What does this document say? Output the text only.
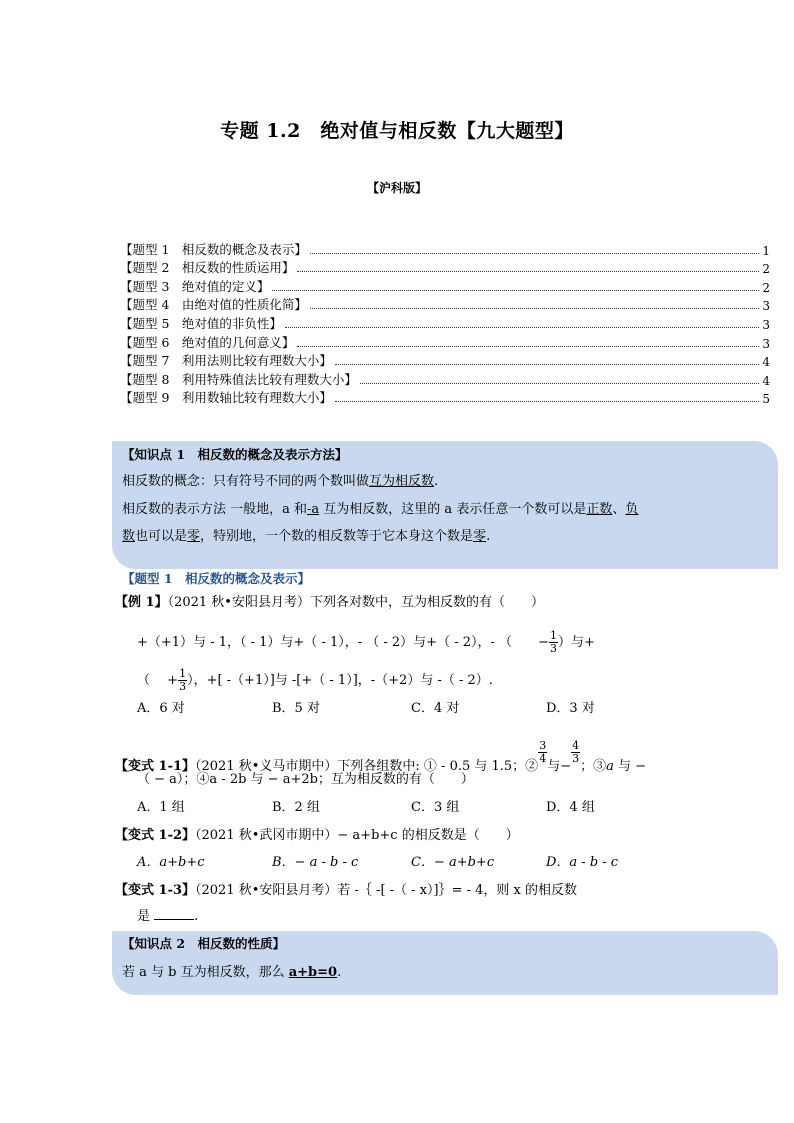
专题 1.2　绝对值与相反数【九大题型】
【沪科版】
【题型 1　相反数的概念及表示】	1
【题型 2　相反数的性质运用】	2
【题型 3　绝对值的定义】	2
【题型 4　由绝对值的性质化简】	3
【题型 5　绝对值的非负性】	3
【题型 6　绝对值的几何意义】	3
【题型 7　利用法则比较有理数大小】	4
【题型 8　利用特殊值法比较有理数大小】	4
【题型 9　利用数轴比较有理数大小】	5
【知识点 1　相反数的概念及表示方法】
相反数的概念：只有符号不同的两个数叫做互为相反数.
相反数的表示方法 一般地，a 和-a 互为相反数，这里的 a 表示任意一个数可以是正数、负
数也可以是零，特别地，一个数的相反数等于它本身这个数是零.
【题型 1　相反数的概念及表示】
【例 1】（2021 秋•安阳县月考）下列各对数中，互为相反数的有（　　）
+（+1）与 - 1，（ - 1）与+（ - 1），- （ - 2）与+（ - 2），- （　　 − $\frac{1}{3}$ ）与+
（　 + $\frac{1}{3}$ ），+[ -（+1）]与 -[+（ - 1）]，-（+2）与 -（ - 2）.
A．6 对	B．5 对	C．4 对	D．3 对
【变式 1-1】（2021 秋•义马市期中）下列各组数中: ① - 0.5 与 1.5；②
$\frac{3}{4}$
与−
$\frac{4}{3}$
；③a 与 −
（ − a）；④a - 2b 与 − a+2b；互为相反数的有（　　）
A．1 组	B．2 组	C．3 组	D．4 组
【变式 1-2】（2021 秋•武冈市期中）− a+b+c 的相反数是（　　）
A．a+b+c	B．− a - b - c	C．− a+b+c	D．a - b - c
【变式 1-3】（2021 秋•安阳县月考）若 -｛ -[ -（ - x）]｝= - 4，则 x 的相反数
是	.
【知识点 2　相反数的性质】
若 a 与 b 互为相反数，那么 a+b=0.
